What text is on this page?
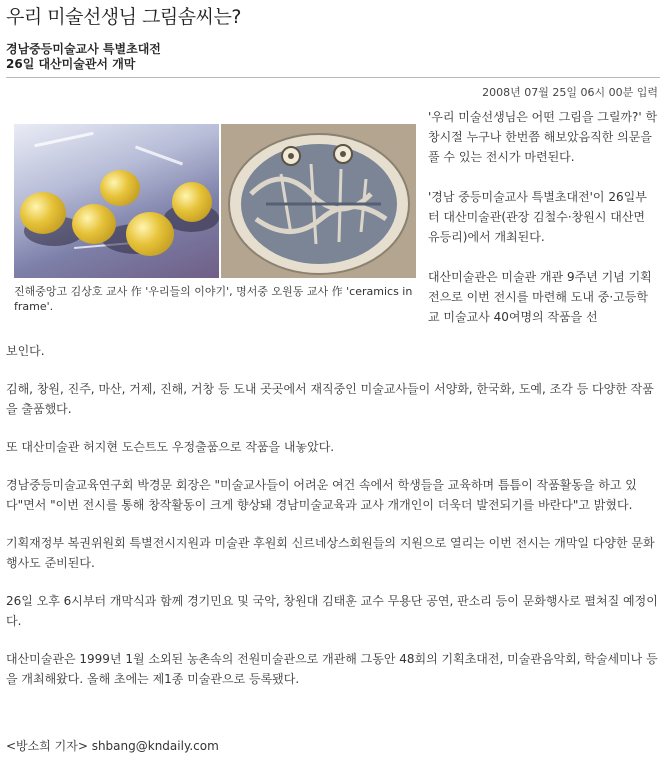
우리 미술선생님 그림솜씨는?
경남중등미술교사 특별초대전
26일 대산미술관서 개막
2008년 07월 25일 06시 00분 입력
진해중앙고 김상호 교사 作 '우리들의 이야기', 명서중 오원동 교사 作 'ceramics in frame'.

'우리 미술선생님은 어떤 그림을 그릴까?' 학창시절 누구나 한번쯤 해보았음직한 의문을 풀 수 있는 전시가 마련된다.

'경남 중등미술교사 특별초대전'이 26일부터 대산미술관(관장 김철수·창원시 대산면 유등리)에서 개최된다.

대산미술관은 미술관 개관 9주년 기념 기획전으로 이번 전시를 마련해 도내 중·고등학교 미술교사 40여명의 작품을 선

보인다.

김해, 창원, 진주, 마산, 거제, 진해, 거창 등 도내 곳곳에서 재직중인 미술교사들이 서양화, 한국화, 도예, 조각 등 다양한 작품을 출품했다.

또 대산미술관 허지현 도슨트도 우정출품으로 작품을 내놓았다.

경남중등미술교육연구회 박경문 회장은 "미술교사들이 어려운 여건 속에서 학생들을 교육하며 틈틈이 작품활동을 하고 있다"면서 "이번 전시를 통해 창작활동이 크게 향상돼 경남미술교육과 교사 개개인이 더욱더 발전되기를 바란다"고 밝혔다.

기획재정부 복권위원회 특별전시지원과 미술관 후원회 신르네상스회원들의 지원으로 열리는 이번 전시는 개막일 다양한 문화행사도 준비된다.

26일 오후 6시부터 개막식과 함께 경기민요 및 국악, 창원대 김태훈 교수 무용단 공연, 판소리 등이 문화행사로 펼쳐질 예정이다.

대산미술관은 1999년 1월 소외된 농촌속의 전원미술관으로 개관해 그동안 48회의 기획초대전, 미술관음악회, 학술세미나 등을 개최해왔다. 올해 초에는 제1종 미술관으로 등록됐다.

<방소희 기자> shbang@kndaily.com
